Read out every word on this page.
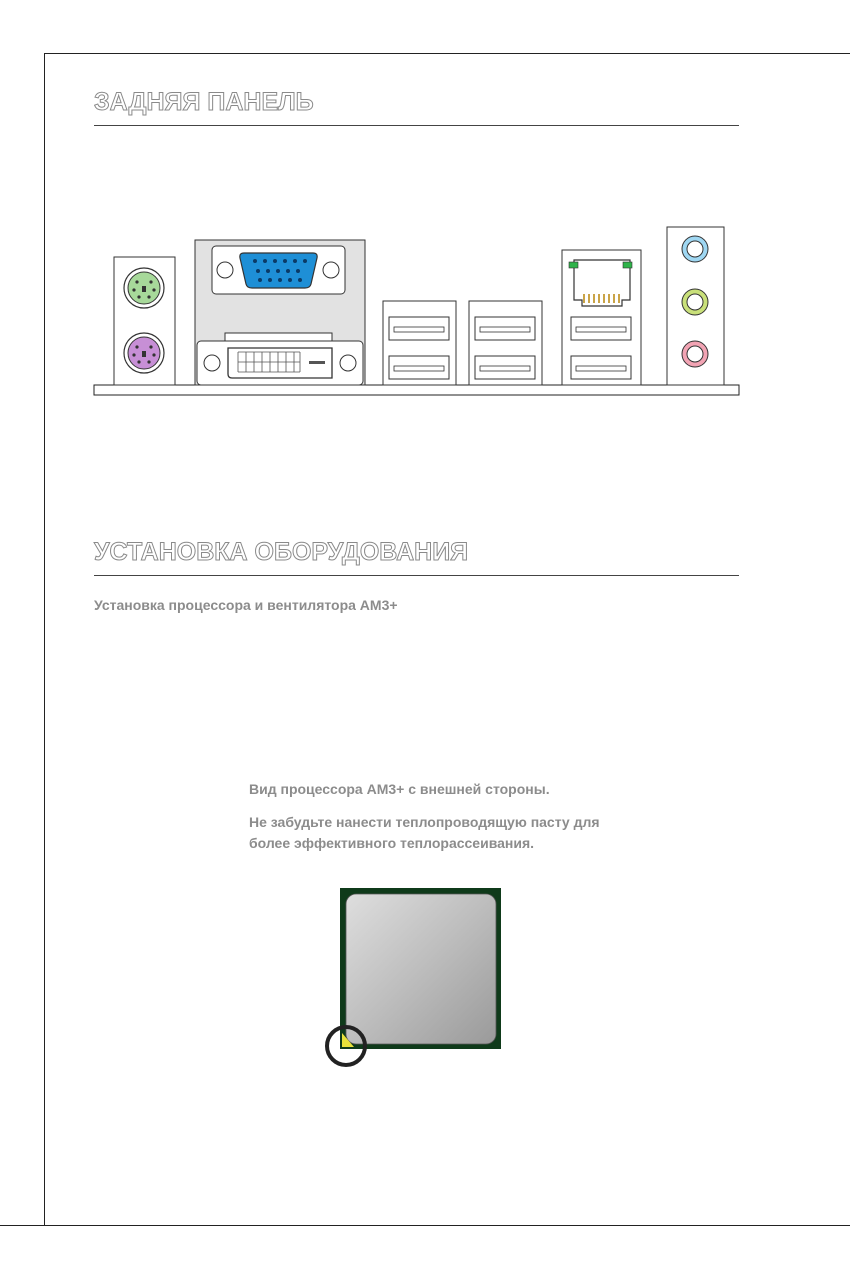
ЗАДНЯЯ ПАНЕЛЬ
УСТАНОВКА ОБОРУДОВАНИЯ

Установка процессора и вентилятора AM3+

Вид процессора AM3+ с внешней стороны.

Не забудьте нанести теплопроводящую пасту для более эффективного теплорассеивания.
